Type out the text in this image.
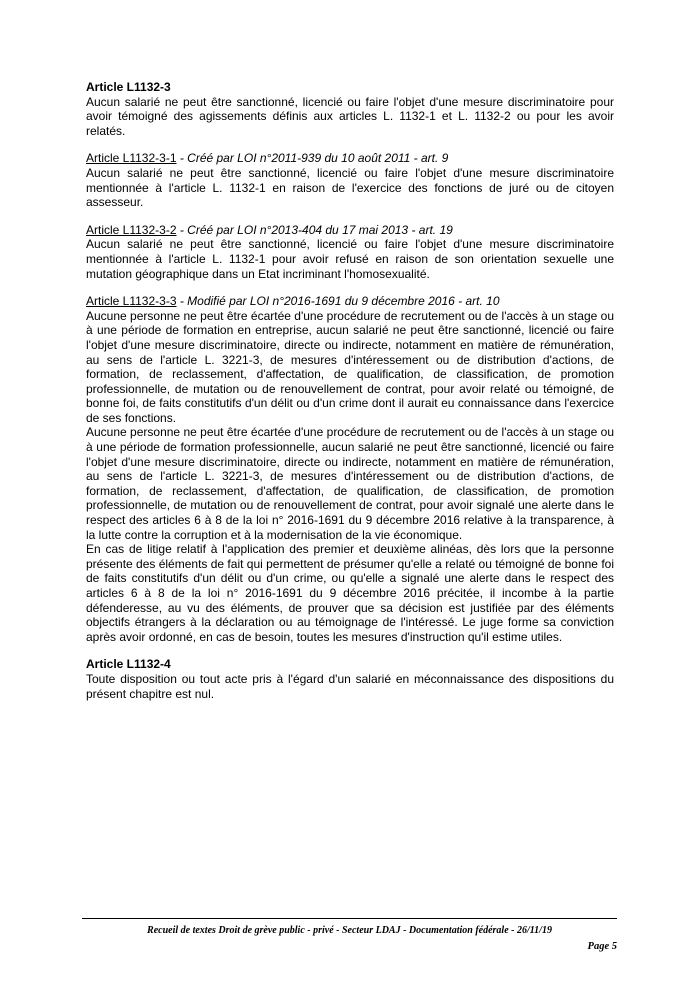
Article L1132-3

Aucun salarié ne peut être sanctionné, licencié ou faire l'objet d'une mesure discriminatoire pour avoir témoigné des agissements définis aux articles L. 1132-1 et L. 1132-2 ou pour les avoir relatés.

Article L1132-3-1 - Créé par LOI n°2011-939 du 10 août 2011 - art. 9

Aucun salarié ne peut être sanctionné, licencié ou faire l'objet d'une mesure discriminatoire mentionnée à l'article L. 1132-1 en raison de l'exercice des fonctions de juré ou de citoyen assesseur.

Article L1132-3-2 - Créé par LOI n°2013-404 du 17 mai 2013 - art. 19

Aucun salarié ne peut être sanctionné, licencié ou faire l'objet d'une mesure discriminatoire mentionnée à l'article L. 1132-1 pour avoir refusé en raison de son orientation sexuelle une mutation géographique dans un Etat incriminant l'homosexualité.

Article L1132-3-3 - Modifié par LOI n°2016-1691 du 9 décembre 2016 - art. 10

Aucune personne ne peut être écartée d'une procédure de recrutement ou de l'accès à un stage ou à une période de formation en entreprise, aucun salarié ne peut être sanctionné, licencié ou faire l'objet d'une mesure discriminatoire, directe ou indirecte, notamment en matière de rémunération, au sens de l'article L. 3221-3, de mesures d'intéressement ou de distribution d'actions, de formation, de reclassement, d'affectation, de qualification, de classification, de promotion professionnelle, de mutation ou de renouvellement de contrat, pour avoir relaté ou témoigné, de bonne foi, de faits constitutifs d'un délit ou d'un crime dont il aurait eu connaissance dans l'exercice de ses fonctions.

Aucune personne ne peut être écartée d'une procédure de recrutement ou de l'accès à un stage ou à une période de formation professionnelle, aucun salarié ne peut être sanctionné, licencié ou faire l'objet d'une mesure discriminatoire, directe ou indirecte, notamment en matière de rémunération, au sens de l'article L. 3221-3, de mesures d'intéressement ou de distribution d'actions, de formation, de reclassement, d'affectation, de qualification, de classification, de promotion professionnelle, de mutation ou de renouvellement de contrat, pour avoir signalé une alerte dans le respect des articles 6 à 8 de la loi n° 2016-1691 du 9 décembre 2016 relative à la transparence, à la lutte contre la corruption et à la modernisation de la vie économique.

En cas de litige relatif à l'application des premier et deuxième alinéas, dès lors que la personne présente des éléments de fait qui permettent de présumer qu'elle a relaté ou témoigné de bonne foi de faits constitutifs d'un délit ou d'un crime, ou qu'elle a signalé une alerte dans le respect des articles 6 à 8 de la loi n° 2016-1691 du 9 décembre 2016 précitée, il incombe à la partie défenderesse, au vu des éléments, de prouver que sa décision est justifiée par des éléments objectifs étrangers à la déclaration ou au témoignage de l'intéressé. Le juge forme sa conviction après avoir ordonné, en cas de besoin, toutes les mesures d'instruction qu'il estime utiles.

Article L1132-4

Toute disposition ou tout acte pris à l'égard d'un salarié en méconnaissance des dispositions du présent chapitre est nul.

Recueil de textes Droit de grève public - privé - Secteur LDAJ - Documentation fédérale - 26/11/19
Page 5
